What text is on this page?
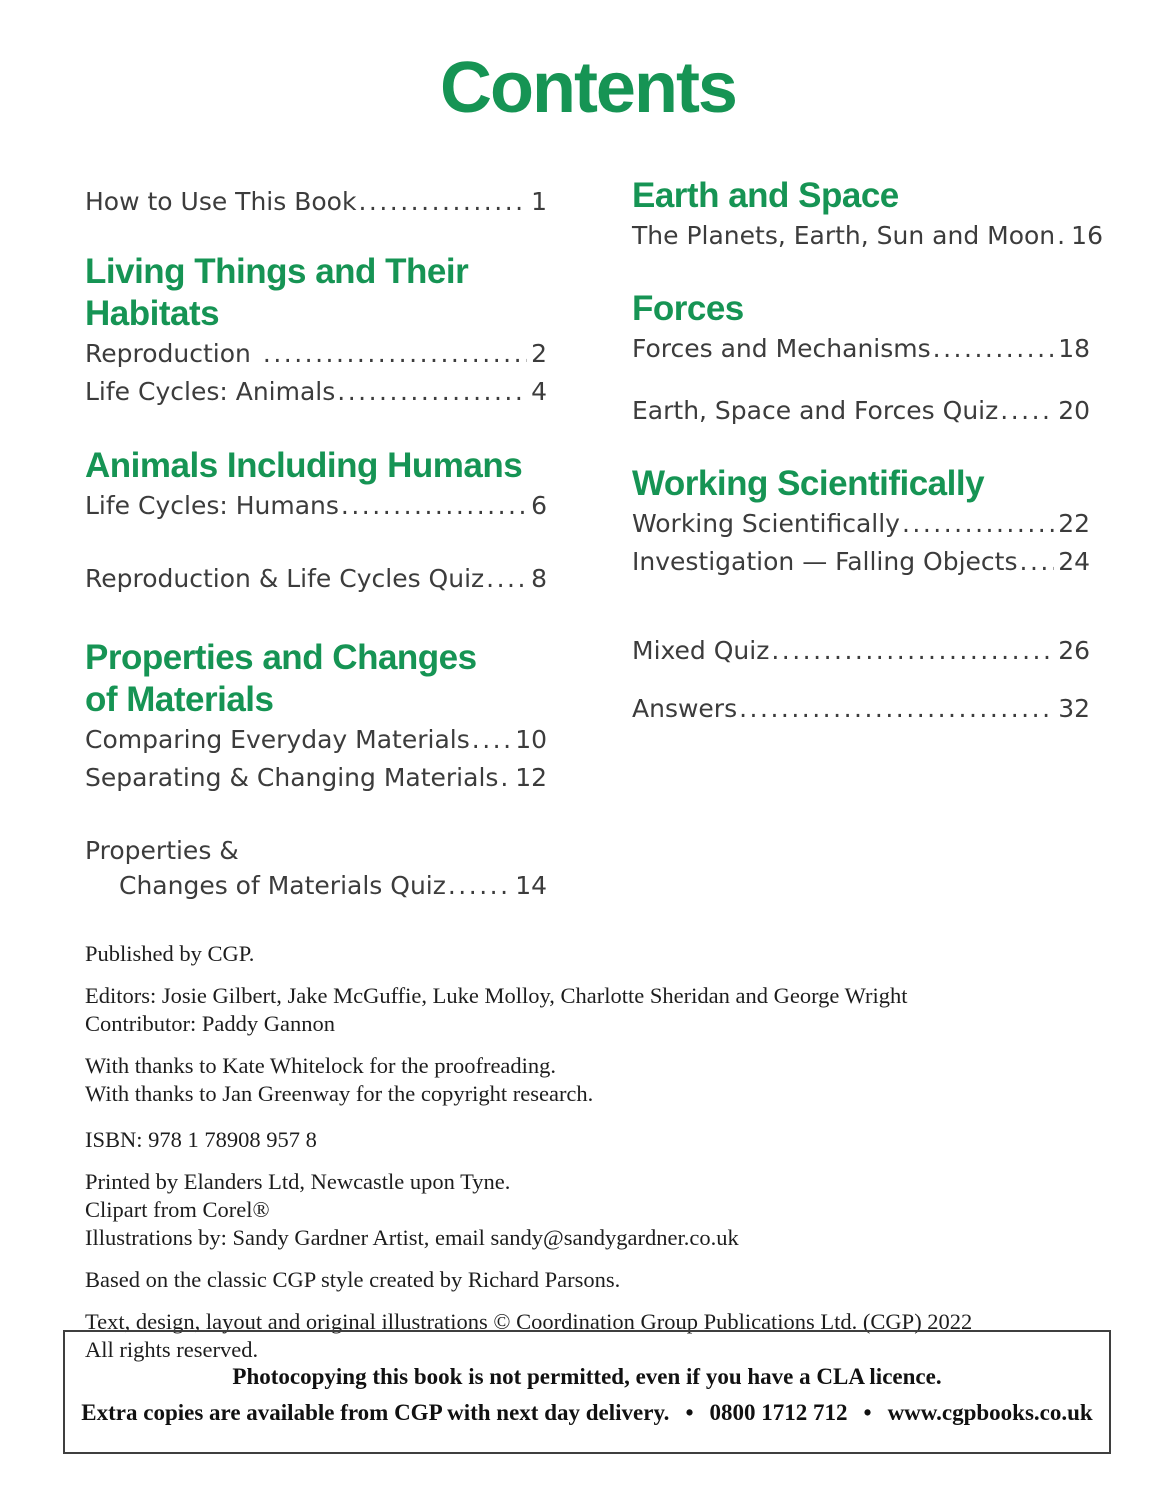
Contents
How to Use This Book .....	1
Living Things and Their Habitats
Reproduction .....	2
Life Cycles: Animals .....	4
Animals Including Humans
Life Cycles: Humans .....	6
Reproduction & Life Cycles Quiz ..... 8
Properties and Changes of Materials
Comparing Everyday Materials ..... 10
Separating & Changing Materials ..... 12
Properties &
Changes of Materials Quiz .....	14
Earth and Space
The Planets, Earth, Sun and Moon ..... 16
Forces
Forces and Mechanisms .....	18
Earth, Space and Forces Quiz ..... 20
Working Scientifically
Working Scientifically .....	22
Investigation — Falling Objects ..... 24
Mixed Quiz .....	26
Answers .....	32
Published by CGP.
Editors: Josie Gilbert, Jake McGuffie, Luke Molloy, Charlotte Sheridan and George Wright
Contributor: Paddy Gannon
With thanks to Kate Whitelock for the proofreading.
With thanks to Jan Greenway for the copyright research.
ISBN: 978 1 78908 957 8
Printed by Elanders Ltd, Newcastle upon Tyne.
Clipart from Corel®
Illustrations by: Sandy Gardner Artist, email sandy@sandygardner.co.uk
Based on the classic CGP style created by Richard Parsons.
Text, design, layout and original illustrations © Coordination Group Publications Ltd. (CGP) 2022
All rights reserved.
Photocopying this book is not permitted, even if you have a CLA licence.
Extra copies are available from CGP with next day delivery. • 0800 1712 712 • www.cgpbooks.co.uk
